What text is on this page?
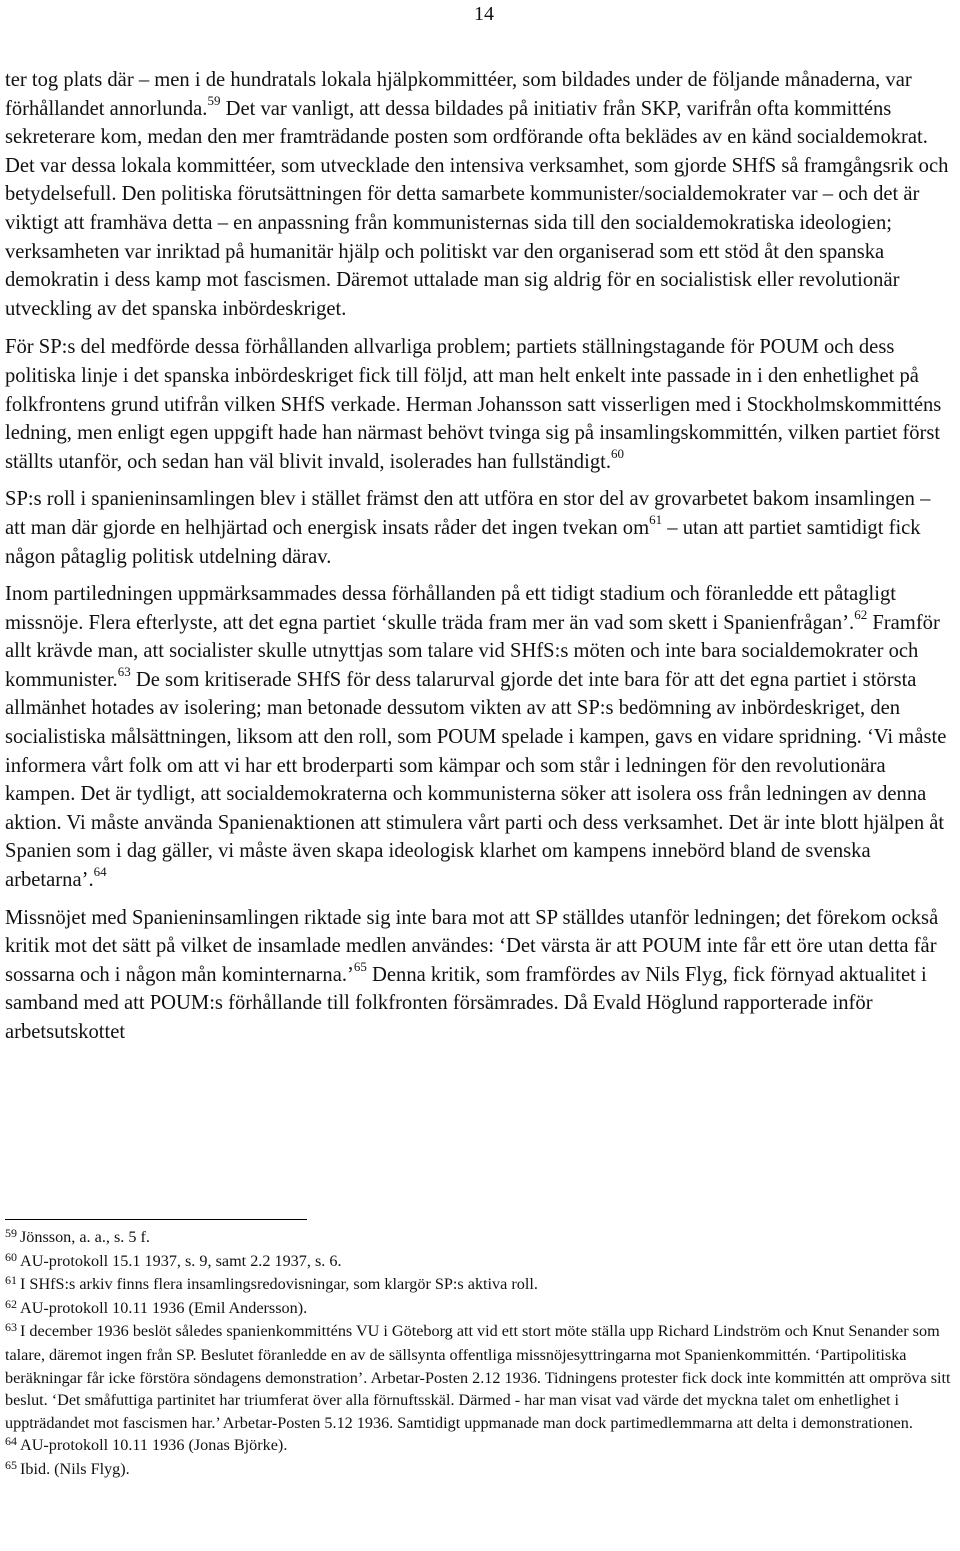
14

ter tog plats där – men i de hundratals lokala hjälpkommittéer, som bildades under de följande månaderna, var förhållandet annorlunda.$^{59}$ Det var vanligt, att dessa bildades på initiativ från SKP, varifrån ofta kommitténs sekreterare kom, medan den mer framträdande posten som ordförande ofta beklädes av en känd socialdemokrat. Det var dessa lokala kommittéer, som utvecklade den intensiva verksamhet, som gjorde SHfS så framgångsrik och betydelsefull. Den politiska förutsättningen för detta samarbete kommunister/socialdemokrater var – och det är viktigt att framhäva detta – en anpassning från kommunisternas sida till den socialdemokratiska ideologien; verksamheten var inriktad på humanitär hjälp och politiskt var den organiserad som ett stöd åt den spanska demokratin i dess kamp mot fascismen. Däremot uttalade man sig aldrig för en socialistisk eller revolutionär utveckling av det spanska inbördeskriget.

För SP:s del medförde dessa förhållanden allvarliga problem; partiets ställningstagande för POUM och dess politiska linje i det spanska inbördeskriget fick till följd, att man helt enkelt inte passade in i den enhetlighet på folkfrontens grund utifrån vilken SHfS verkade. Herman Johansson satt visserligen med i Stockholmskommitténs ledning, men enligt egen uppgift hade han närmast behövt tvinga sig på insamlingskommittén, vilken partiet först ställts utanför, och sedan han väl blivit invald, isolerades han fullständigt.$^{60}$

SP:s roll i spanieninsamlingen blev i stället främst den att utföra en stor del av grovarbetet bakom insamlingen – att man där gjorde en helhjärtad och energisk insats råder det ingen tvekan $om^{61}$ – utan att partiet samtidigt fick någon påtaglig politisk utdelning därav.

Inom partiledningen uppmärksammades dessa förhållanden på ett tidigt stadium och föranledde ett påtagligt missnöje. Flera efterlyste, att det egna partiet ‘skulle träda fram mer än vad som skett i Spanienfrågan’.$^{62}$ Framför allt krävde man, att socialister skulle utnyttjas som talare vid SHfS:s möten och inte bara socialdemokrater och kommunister.$^{63}$ De som kritiserade SHfS för dess talarurval gjorde det inte bara för att det egna partiet i största allmänhet hotades av isolering; man betonade dessutom vikten av att SP:s bedömning av inbördeskriget, den socialistiska målsättningen, liksom att den roll, som POUM spelade i kampen, gavs en vidare spridning. ‘Vi måste informera vårt folk om att vi har ett broderparti som kämpar och som står i ledningen för den revolutionära kampen. Det är tydligt, att socialdemokraterna och kommunisterna söker att isolera oss från ledningen av denna aktion. Vi måste använda Spanienaktionen att stimulera vårt parti och dess verksamhet. Det är inte blott hjälpen åt Spanien som i dag gäller, vi måste även skapa ideologisk klarhet om kampens innebörd bland de svenska arbetarna’.$^{64}$

Missnöjet med Spanieninsamlingen riktade sig inte bara mot att SP ställdes utanför ledningen; det förekom också kritik mot det sätt på vilket de insamlade medlen användes: ‘Det värsta är att POUM inte får ett öre utan detta får sossarna och i någon mån kominternarna.’$^{65}$ Denna kritik, som framfördes av Nils Flyg, fick förnyad aktualitet i samband med att POUM:s förhållande till folkfronten försämrades. Då Evald Höglund rapporterade inför arbetsutskottet

$^{59}$ Jönsson, a. a., s. 5 f.

$^{60}$ AU-protokoll 15.1 1937, s. 9, samt 2.2 1937, s. 6.

$^{61}$ I SHfS:s arkiv finns flera insamlingsredovisningar, som klargör SP:s aktiva roll.

$^{62}$ AU-protokoll 10.11 1936 (Emil Andersson).

$^{63}$ I december 1936 beslöt således spanienkommitténs VU i Göteborg att vid ett stort möte ställa upp Richard Lindström och Knut Senander som talare, däremot ingen från SP. Beslutet föranledde en av de sällsynta offentliga missnöjesyttringarna mot Spanienkommittén. ‘Partipolitiska beräkningar får icke förstöra söndagens demonstration’. Arbetar-Posten 2.12 1936. Tidningens protester fick dock inte kommittén att ompröva sitt beslut. ‘Det småfuttiga partinitet har triumferat över alla förnuftsskäl. Därmed - har man visat vad värde det myckna talet om enhetlighet i uppträdandet mot fascismen har.’ Arbetar-Posten 5.12 1936. Samtidigt uppmanade man dock partimedlemmarna att delta i demonstrationen.

$^{64}$ AU-protokoll 10.11 1936 (Jonas Björke).

$^{65}$ Ibid. (Nils Flyg).
